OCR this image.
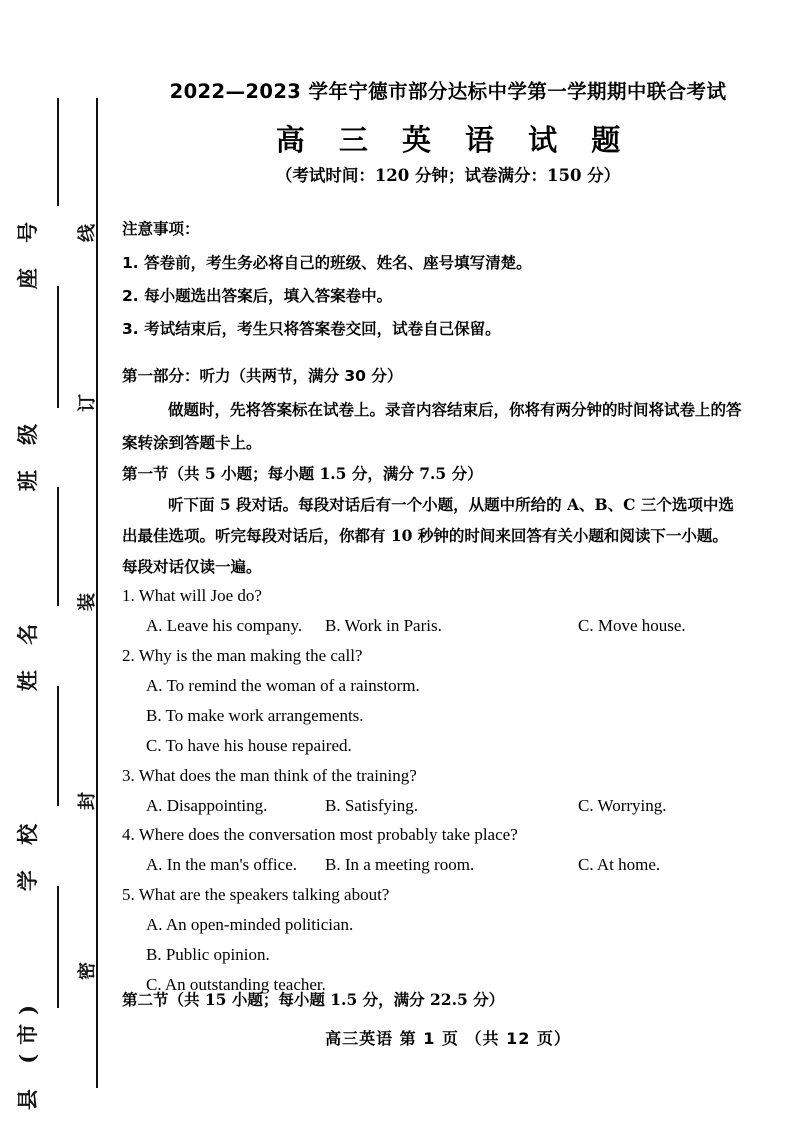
座 号
班 级
姓 名
学 校
县 (市)
线
订
装
封
密
2022—2023 学年宁德市部分达标中学第一学期期中联合考试
高 三 英 语 试 题
（考试时间：120 分钟；试卷满分：150 分）
注意事项：
1. 答卷前，考生务必将自己的班级、姓名、座号填写清楚。
2. 每小题选出答案后，填入答案卷中。
3. 考试结束后，考生只将答案卷交回，试卷自己保留。
第一部分：听力（共两节，满分 30 分）
做题时，先将答案标在试卷上。录音内容结束后，你将有两分钟的时间将试卷上的答
案转涂到答题卡上。
第一节（共 5 小题；每小题 1.5 分，满分 7.5 分）
听下面 5 段对话。每段对话后有一个小题，从题中所给的 A、B、C 三个选项中选
出最佳选项。听完每段对话后，你都有 10 秒钟的时间来回答有关小题和阅读下一小题。
每段对话仅读一遍。
1. What will Joe do?
A. Leave his company. B. Work in Paris.	C. Move house.
2. Why is the man making the call?
A. To remind the woman of a rainstorm.
B. To make work arrangements.
C. To have his house repaired.
3. What does the man think of the training?
A. Disappointing.	B. Satisfying.	C. Worrying.
4. Where does the conversation most probably take place?
A. In the man's office. B. In a meeting room.	C. At home.
5. What are the speakers talking about?
A. An open-minded politician.
B. Public opinion.
C. An outstanding teacher.
第二节（共 15 小题；每小题 1.5 分，满分 22.5 分）
高三英语 第 1 页 （共 12 页）
